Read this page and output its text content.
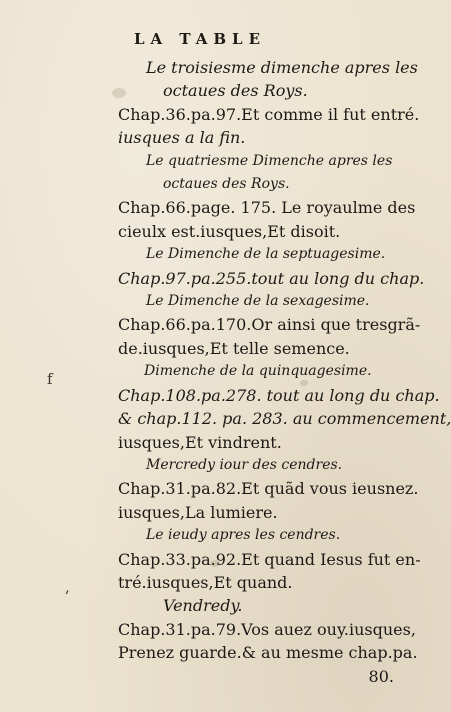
LA TABLE
Le troisiesme dimenche apres les
octaues des Roys.
Chap.36.pa.97.Et comme il fut entré.
iusques a la fin.
Le quatriesme Dimenche apres les
octaues des Roys.
Chap.66.page. 175. Le royaulme des
cieulx est.iusques,Et disoit.
Le Dimenche de la septuagesime.
Chap.97.pa.255.tout au long du chap.
Le Dimenche de la sexagesime.
Chap.66.pa.170.Or ainsi que tresgrã-
de.iusques,Et telle semence.
Dimenche de la quinquagesime.
Chap.108.pa.278. tout au long du chap.
& chap.112. pa. 283. au commencement,
iusques,Et vindrent.
Mercredy iour des cendres.
Chap.31.pa.82.Et quãd vous ieusnez.
iusques,La lumiere.
Le ieudy apres les cendres.
Chap.33.pa.92.Et quand Iesus fut en-
tré.iusques,Et quand.
Vendredy.
Chap.31.pa.79.Vos auez ouy.iusques,
Prenez guarde.& au mesme chap.pa.
80.
f
,
